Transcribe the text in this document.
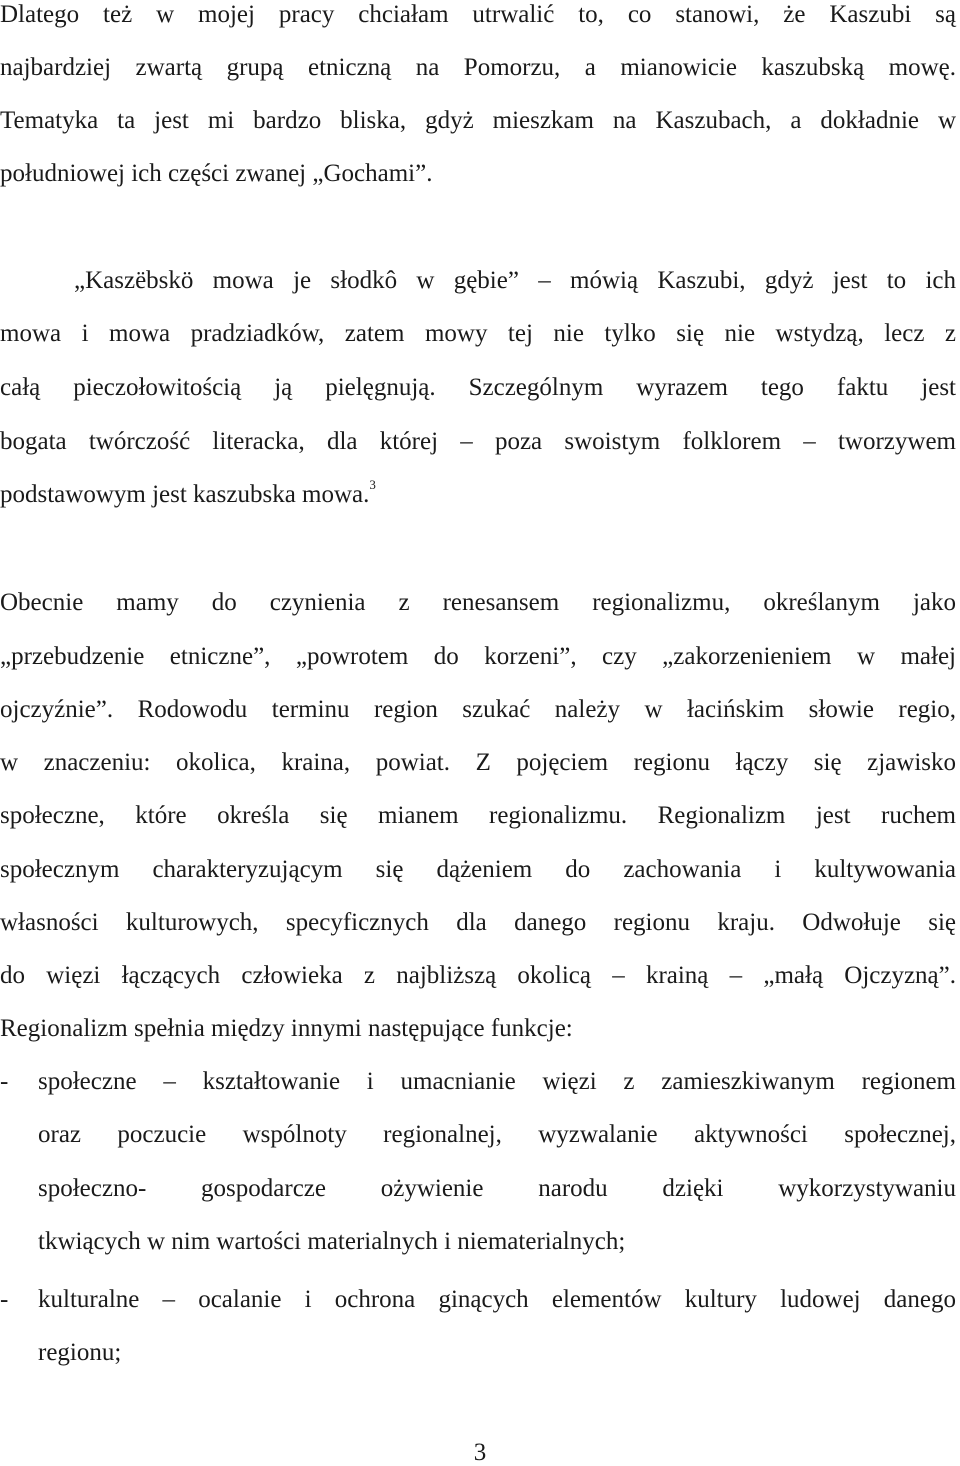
Dlatego też w mojej pracy chciałam utrwalić to, co stanowi, że Kaszubi są
najbardziej zwartą grupą etniczną na Pomorzu, a mianowicie kaszubską mowę.
Tematyka ta jest mi bardzo bliska, gdyż mieszkam na Kaszubach, a dokładnie w
południowej ich części zwanej „Gochami”.
„Kaszëbskö mowa je słodkô w gębie” – mówią Kaszubi, gdyż jest to ich
mowa i mowa pradziadków, zatem mowy tej nie tylko się nie wstydzą, lecz z
całą pieczołowitością ją pielęgnują. Szczególnym wyrazem tego faktu jest
bogata twórczość literacka, dla której – poza swoistym folklorem – tworzywem
podstawowym jest kaszubska mowa.$^3$
Obecnie mamy do czynienia z renesansem regionalizmu, określanym jako
„przebudzenie etniczne”, „powrotem do korzeni”, czy „zakorzenieniem w małej
ojczyźnie”. Rodowodu terminu region szukać należy w łacińskim słowie regio,
w znaczeniu: okolica, kraina, powiat. Z pojęciem regionu łączy się zjawisko
społeczne, które określa się mianem regionalizmu. Regionalizm jest ruchem
społecznym charakteryzującym się dążeniem do zachowania i kultywowania
własności kulturowych, specyficznych dla danego regionu kraju. Odwołuje się
do więzi łączących człowieka z najbliższą okolicą – krainą – „małą Ojczyzną”.
Regionalizm spełnia między innymi następujące funkcje:
- społeczne – kształtowanie i umacnianie więzi z zamieszkiwanym regionem
oraz poczucie wspólnoty regionalnej, wyzwalanie aktywności społecznej,
społeczno- gospodarcze ożywienie narodu dzięki wykorzystywaniu
tkwiących w nim wartości materialnych i niematerialnych;
- kulturalne – ocalanie i ochrona ginących elementów kultury ludowej danego
regionu;
3
